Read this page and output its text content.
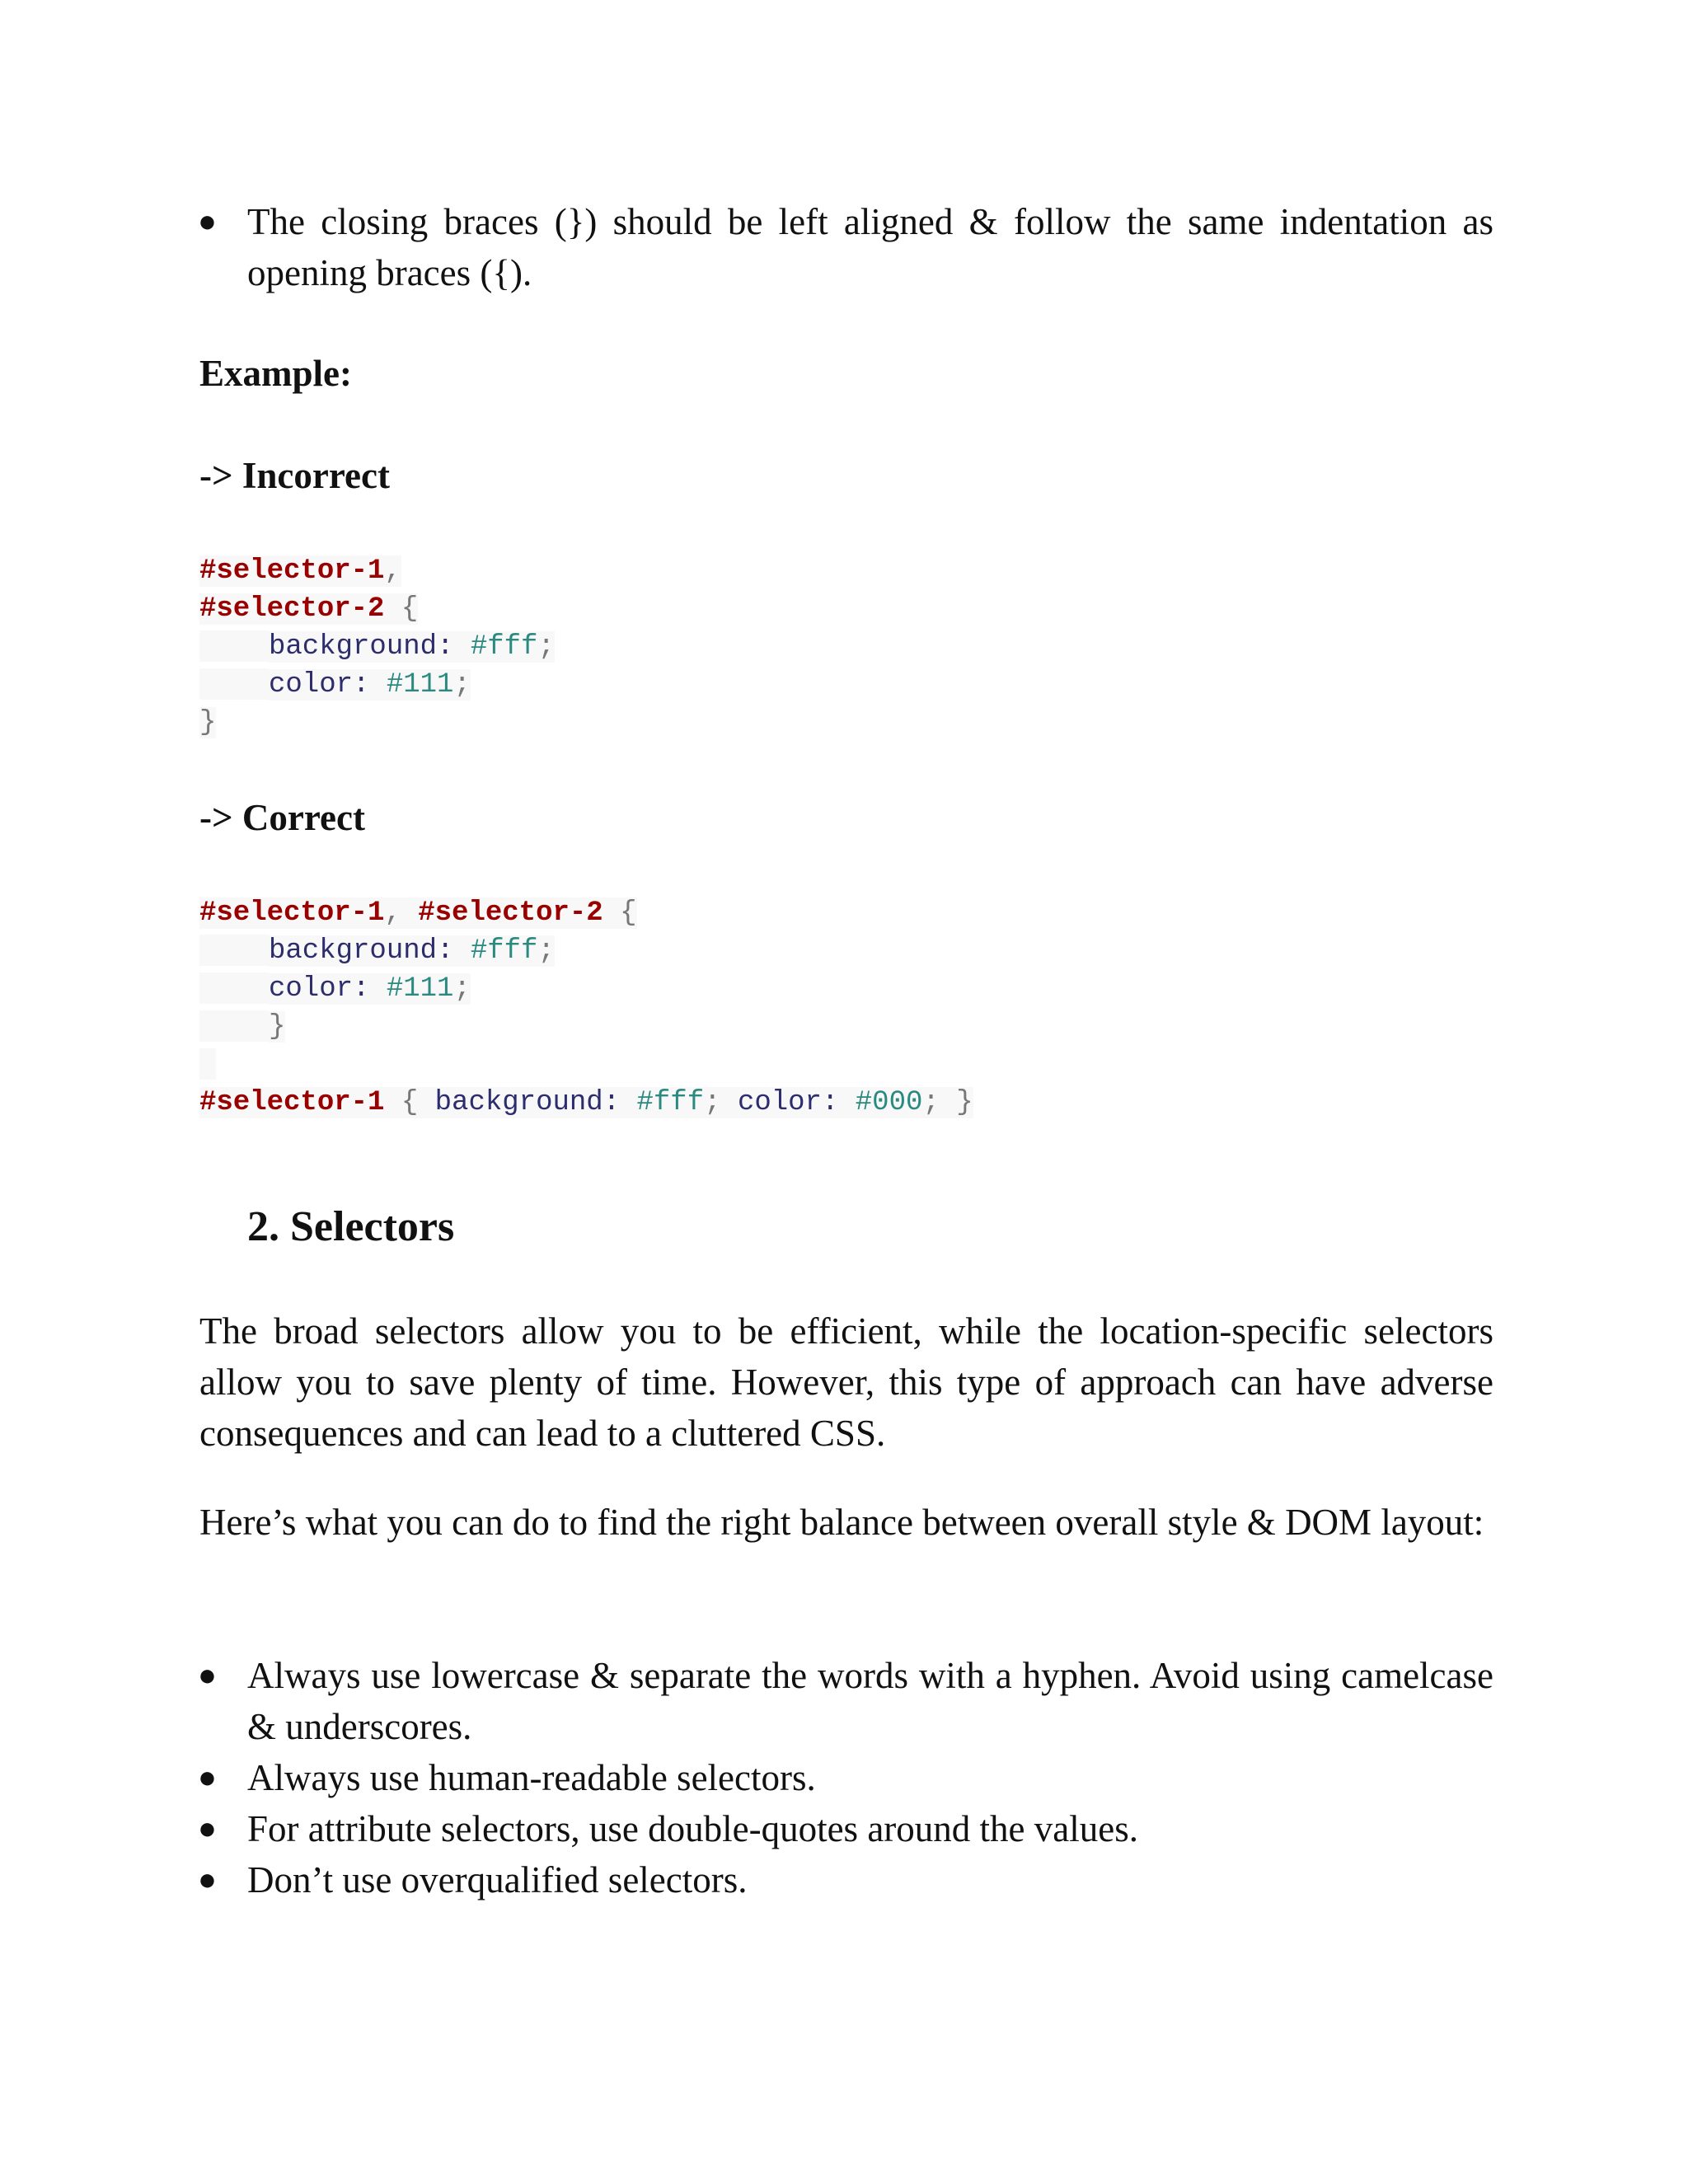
● The closing braces (}) should be left aligned & follow the same indentation as opening braces ({).

Example:

-> Incorrect

#selector-1,
#selector-2 {
background: #fff;
color: #111;
}

-> Correct

#selector-1, #selector-2 {
background: #fff;
color: #111;
}
#selector-1 { background: #fff; color: #000; }
2. Selectors

The broad selectors allow you to be efficient, while the location-specific selectors allow you to save plenty of time. However, this type of approach can have adverse consequences and can lead to a cluttered CSS.

Here’s what you can do to find the right balance between overall style & DOM layout:

● Always use lowercase & separate the words with a hyphen. Avoid using camelcase & underscores.
● Always use human-readable selectors.
● For attribute selectors, use double-quotes around the values.
● Don’t use overqualified selectors.
